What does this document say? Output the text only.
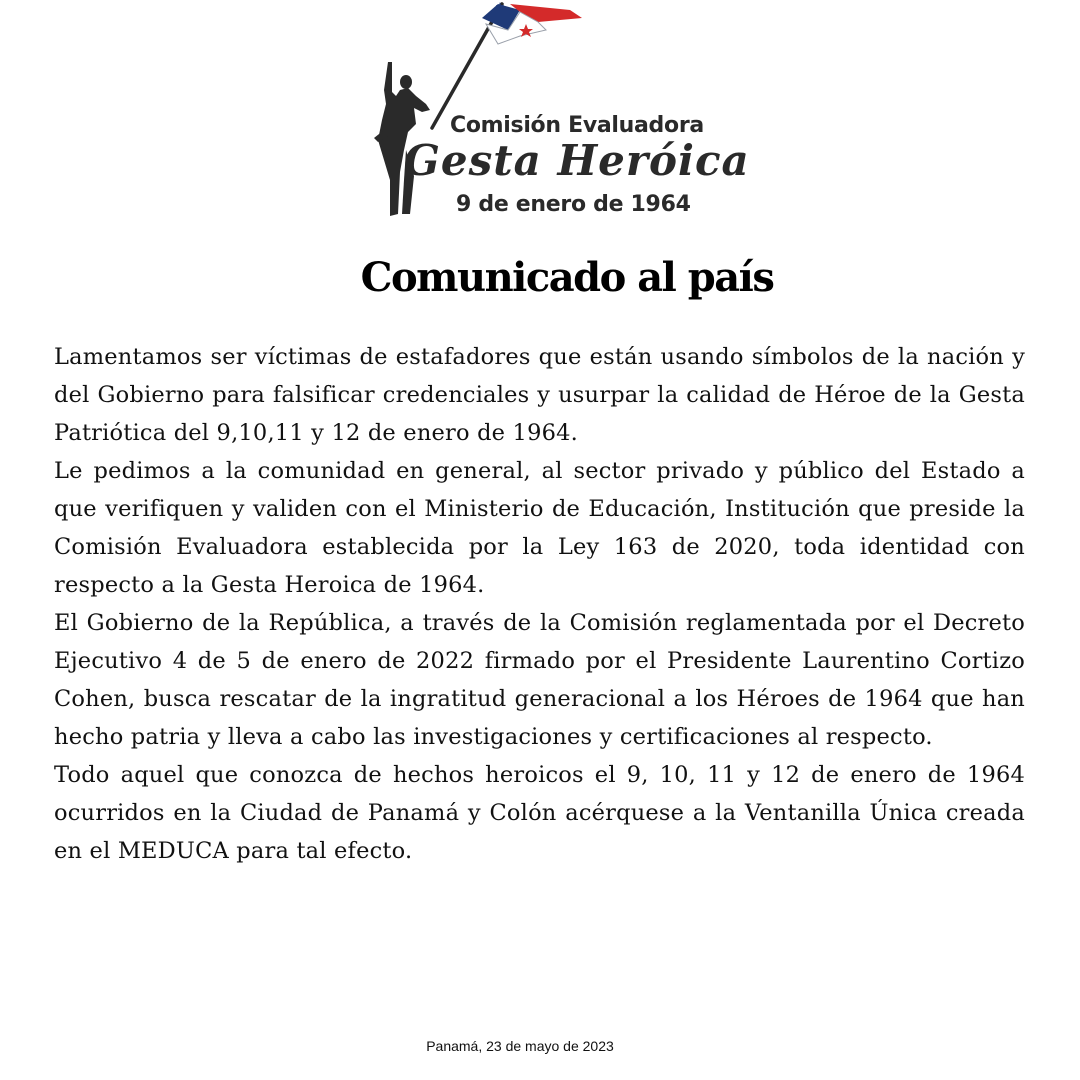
Comisión Evaluadora
Gesta Heróica
9 de enero de 1964
Comunicado al país

Lamentamos ser víctimas de estafadores que están usando símbolos de la nación y del Gobierno para falsificar credenciales y usurpar la calidad de Héroe de la Gesta Patriótica del 9,10,11 y 12 de enero de 1964.

Le pedimos a la comunidad en general, al sector privado y público del Estado a que verifiquen y validen con el Ministerio de Educación, Institución que preside la Comisión Evaluadora establecida por la Ley 163 de 2020, toda identidad con respecto a la Gesta Heroica de 1964.

El Gobierno de la República, a través de la Comisión reglamentada por el Decreto Ejecutivo 4 de 5 de enero de 2022 firmado por el Presidente Laurentino Cortizo Cohen, busca rescatar de la ingratitud generacional a los Héroes de 1964 que han hecho patria y lleva a cabo las investigaciones y certificaciones al respecto.

Todo aquel que conozca de hechos heroicos el 9, 10, 11 y 12 de enero de 1964 ocurridos en la Ciudad de Panamá y Colón acérquese a la Ventanilla Única creada en el MEDUCA para tal efecto.

Panamá, 23 de mayo de 2023
